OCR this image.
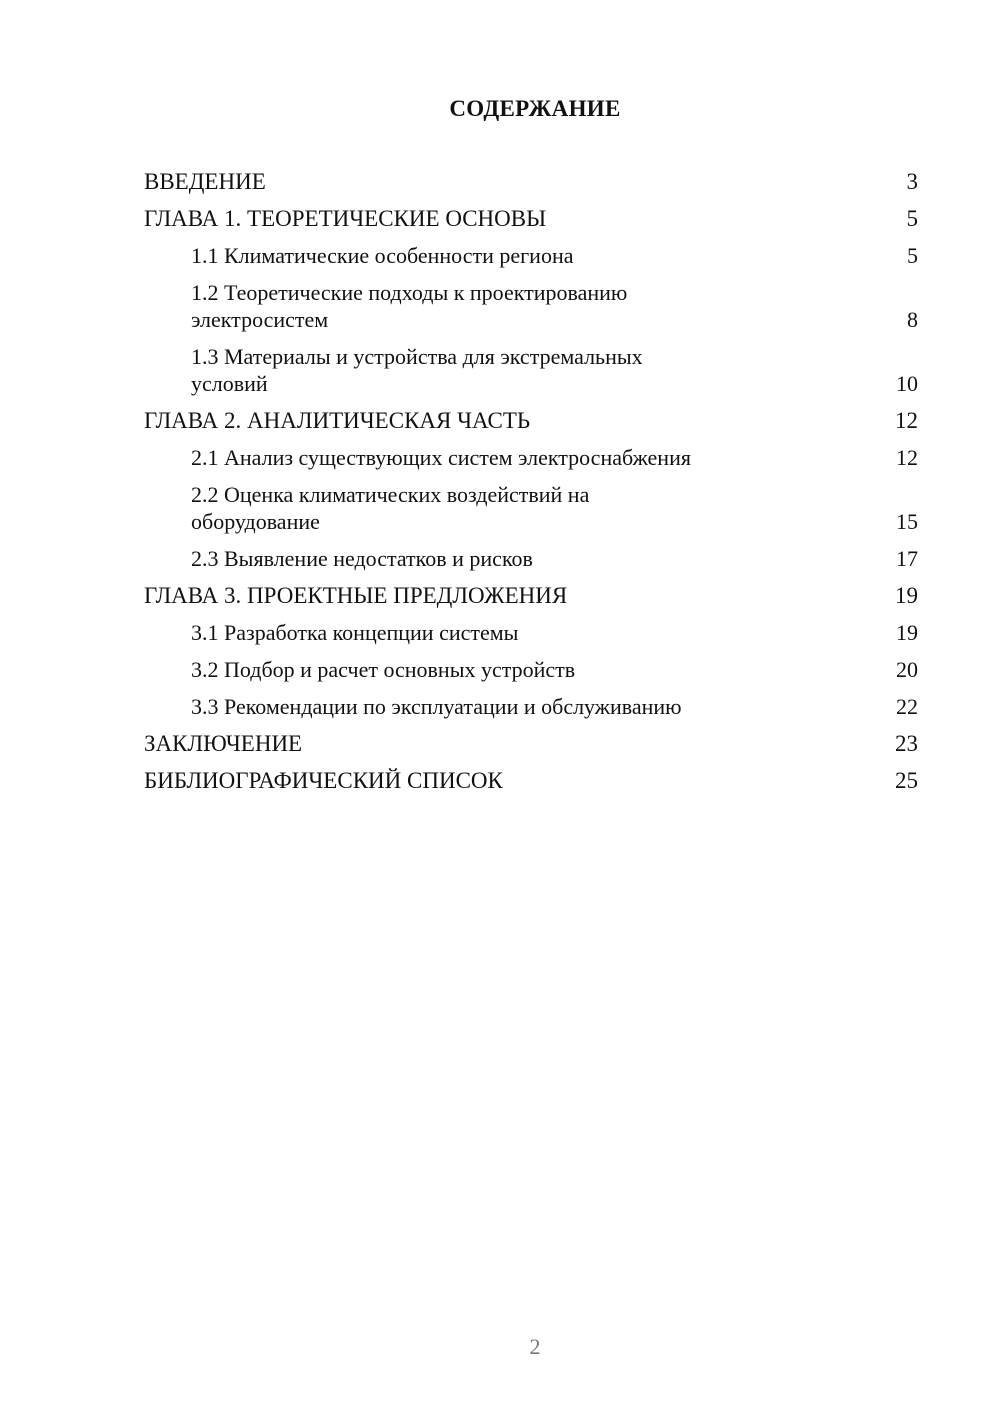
СОДЕРЖАНИЕ
ВВЕДЕНИЕ	3
ГЛАВА 1. ТЕОРЕТИЧЕСКИЕ ОСНОВЫ	5
1.1 Климатические особенности региона	5
1.2 Теоретические подходы к проектированию электросистем	8
1.3 Материалы и устройства для экстремальных условий	10
ГЛАВА 2. АНАЛИТИЧЕСКАЯ ЧАСТЬ	12
2.1 Анализ существующих систем электроснабжения	12
2.2 Оценка климатических воздействий на оборудование	15
2.3 Выявление недостатков и рисков	17
ГЛАВА 3. ПРОЕКТНЫЕ ПРЕДЛОЖЕНИЯ	19
3.1 Разработка концепции системы	19
3.2 Подбор и расчет основных устройств	20
3.3 Рекомендации по эксплуатации и обслуживанию	22
ЗАКЛЮЧЕНИЕ	23
БИБЛИОГРАФИЧЕСКИЙ СПИСОК	25
2
